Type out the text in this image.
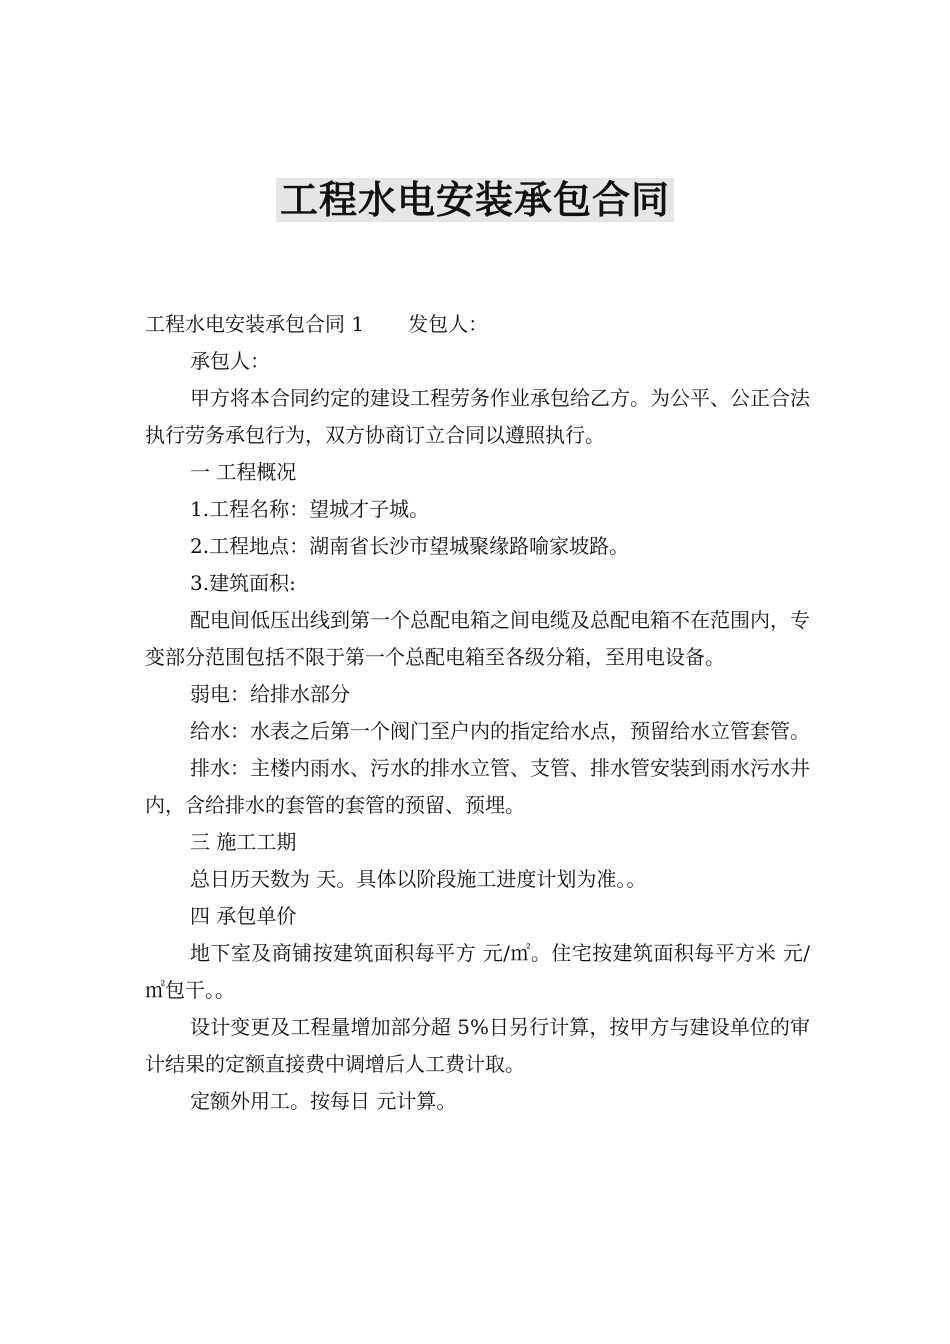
工程水电安装承包合同

工程水电安装承包合同 1 发包人：

承包人：

甲方将本合同约定的建设工程劳务作业承包给乙方。为公平、公正合法执行劳务承包行为，双方协商订立合同以遵照执行。

一 工程概况

1.工程名称：望城才子城。

2.工程地点：湖南省长沙市望城聚缘路喻家坡路。

3.建筑面积:

配电间低压出线到第一个总配电箱之间电缆及总配电箱不在范围内，专变部分范围包括不限于第一个总配电箱至各级分箱，至用电设备。

弱电：给排水部分

给水：水表之后第一个阀门至户内的指定给水点，预留给水立管套管。

排水：主楼内雨水、污水的排水立管、支管、排水管安装到雨水污水井内，含给排水的套管的套管的预留、预埋。

三 施工工期

总日历天数为 天。具体以阶段施工进度计划为准。。

四 承包单价

地下室及商铺按建筑面积每平方 元/㎡。住宅按建筑面积每平方米 元/㎡包干。。

设计变更及工程量增加部分超 5%日另行计算，按甲方与建设单位的审计结果的定额直接费中调增后人工费计取。

定额外用工。按每日 元计算。
